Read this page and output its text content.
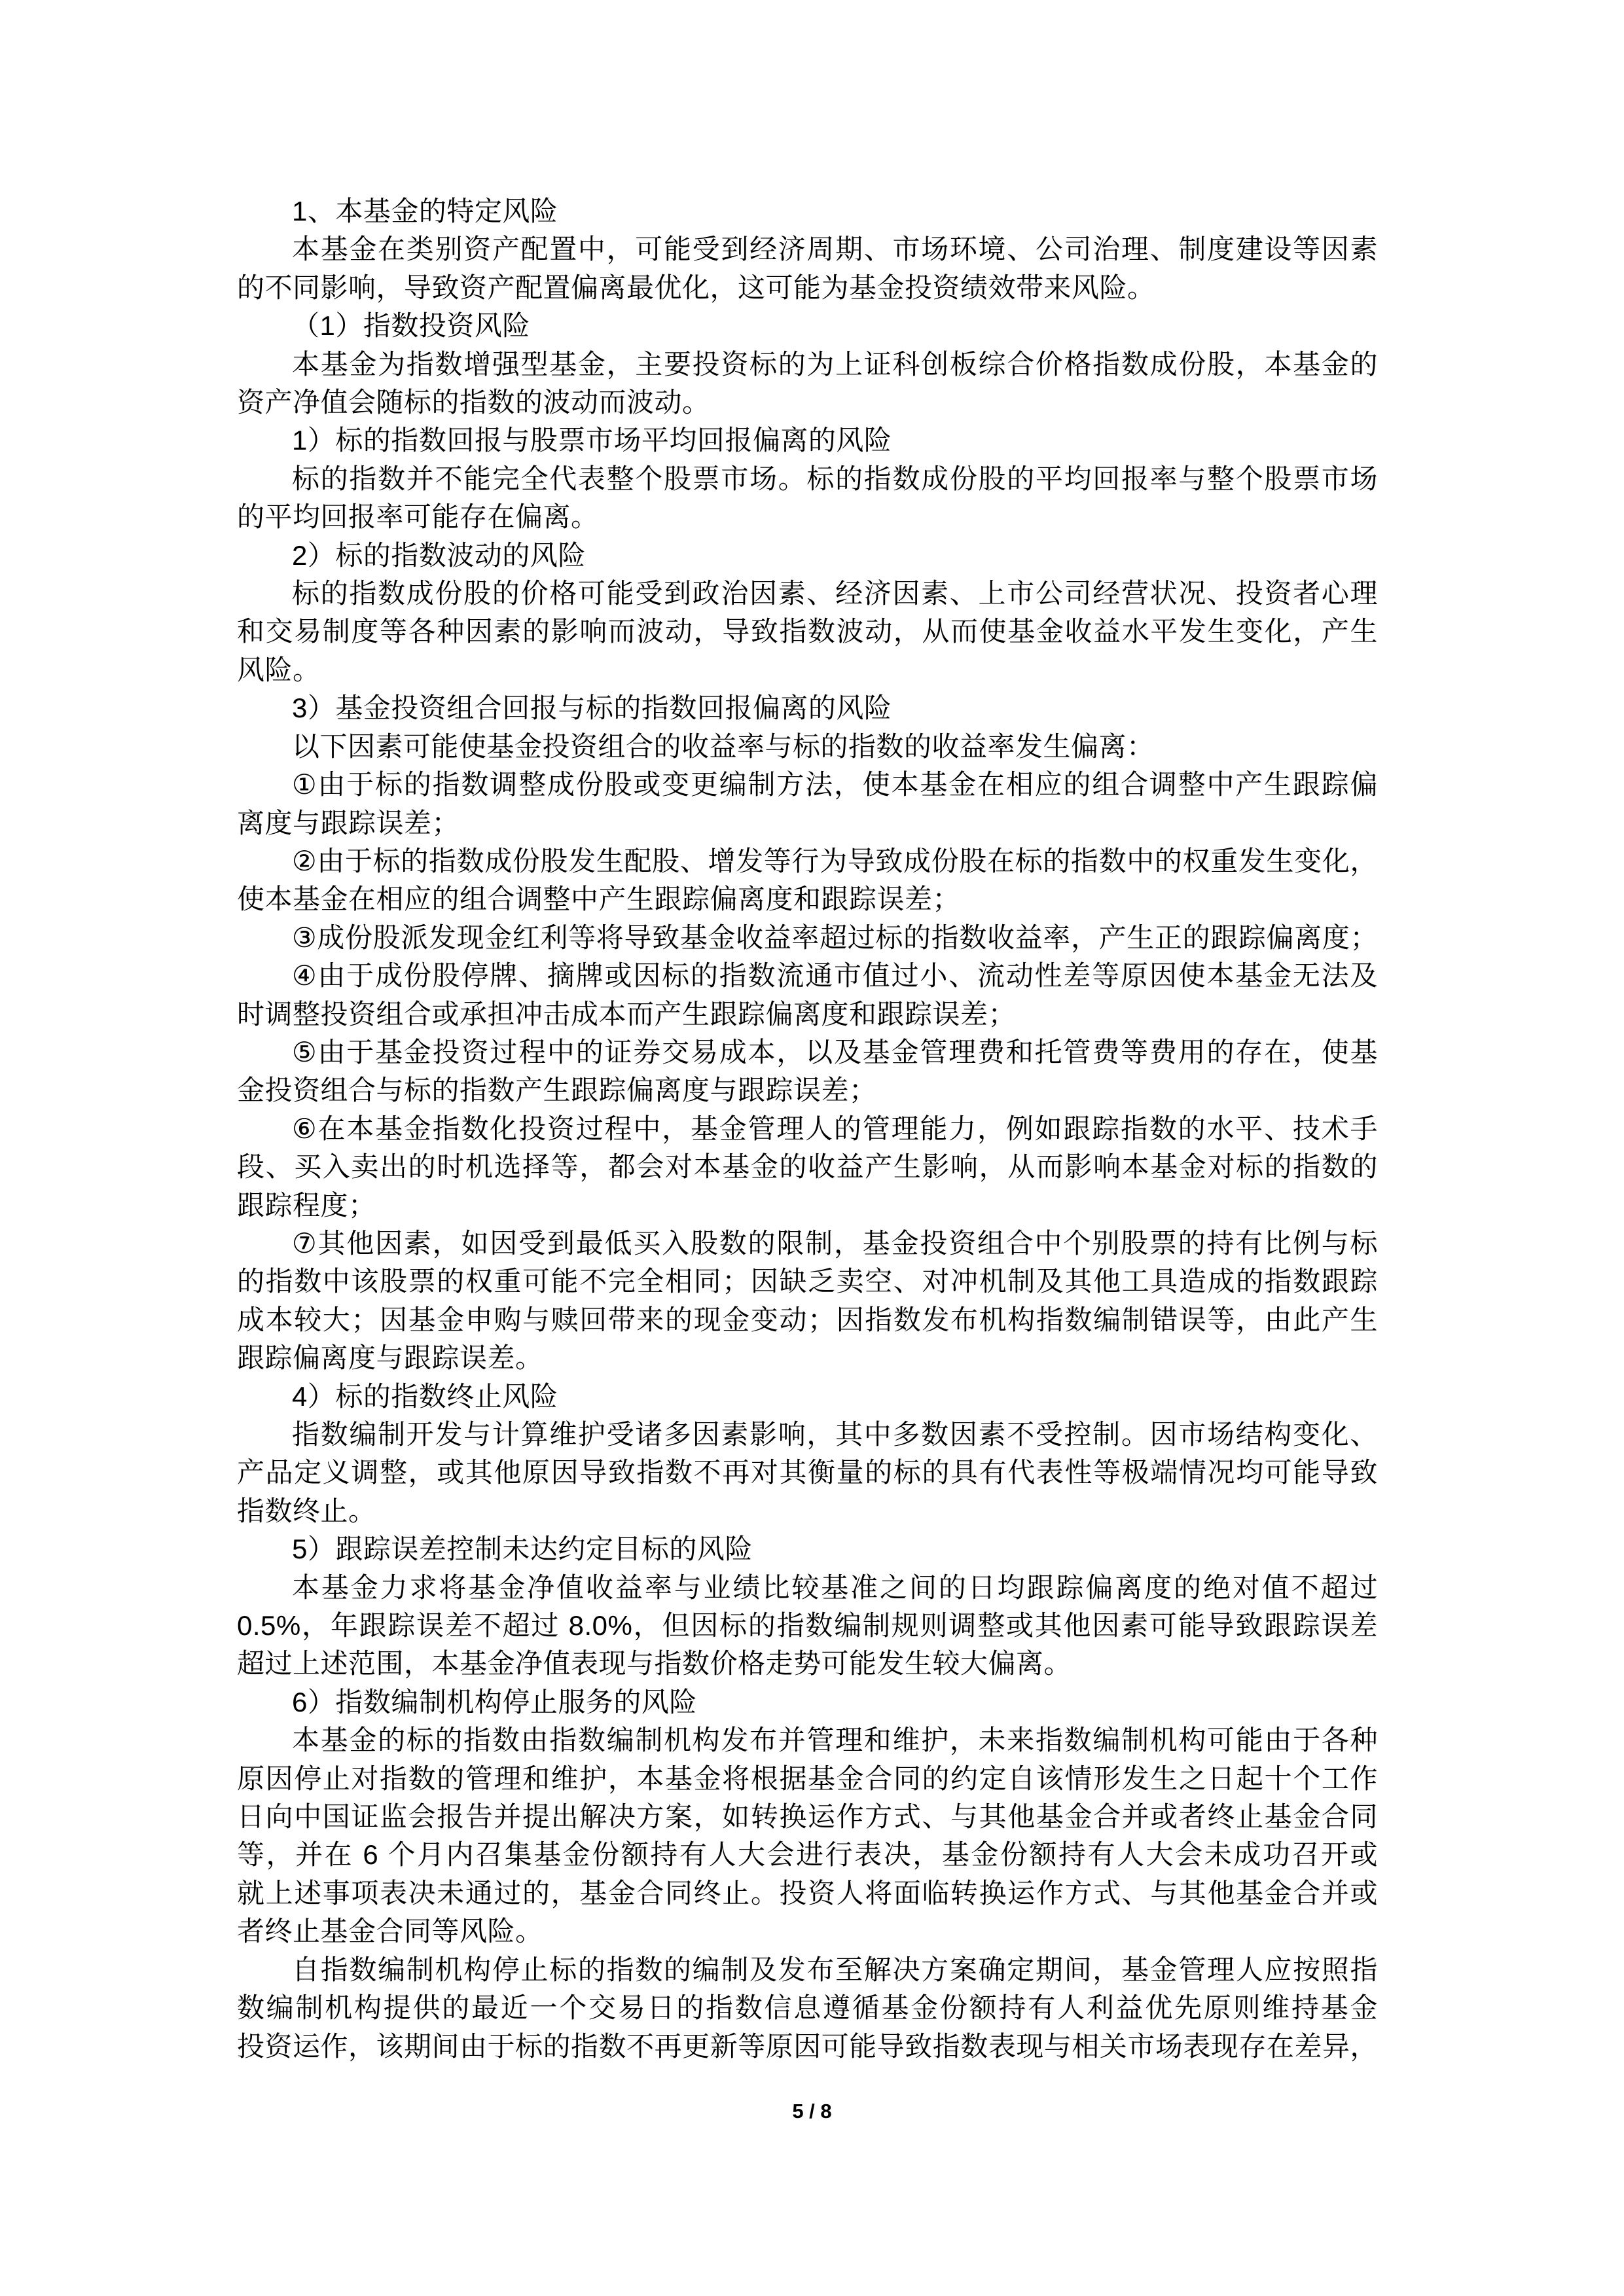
1、本基金的特定风险
本基金在类别资产配置中，可能受到经济周期、市场环境、公司治理、制度建设等因素
的不同影响，导致资产配置偏离最优化，这可能为基金投资绩效带来风险。
（1）指数投资风险
本基金为指数增强型基金，主要投资标的为上证科创板综合价格指数成份股，本基金的
资产净值会随标的指数的波动而波动。
1）标的指数回报与股票市场平均回报偏离的风险
标的指数并不能完全代表整个股票市场。标的指数成份股的平均回报率与整个股票市场
的平均回报率可能存在偏离。
2）标的指数波动的风险
标的指数成份股的价格可能受到政治因素、经济因素、上市公司经营状况、投资者心理
和交易制度等各种因素的影响而波动，导致指数波动，从而使基金收益水平发生变化，产生
风险。
3）基金投资组合回报与标的指数回报偏离的风险
以下因素可能使基金投资组合的收益率与标的指数的收益率发生偏离：
①由于标的指数调整成份股或变更编制方法，使本基金在相应的组合调整中产生跟踪偏
离度与跟踪误差；
②由于标的指数成份股发生配股、增发等行为导致成份股在标的指数中的权重发生变化，
使本基金在相应的组合调整中产生跟踪偏离度和跟踪误差；
③成份股派发现金红利等将导致基金收益率超过标的指数收益率，产生正的跟踪偏离度；
④由于成份股停牌、摘牌或因标的指数流通市值过小、流动性差等原因使本基金无法及
时调整投资组合或承担冲击成本而产生跟踪偏离度和跟踪误差；
⑤由于基金投资过程中的证券交易成本，以及基金管理费和托管费等费用的存在，使基
金投资组合与标的指数产生跟踪偏离度与跟踪误差；
⑥在本基金指数化投资过程中，基金管理人的管理能力，例如跟踪指数的水平、技术手
段、买入卖出的时机选择等，都会对本基金的收益产生影响，从而影响本基金对标的指数的
跟踪程度；
⑦其他因素，如因受到最低买入股数的限制，基金投资组合中个别股票的持有比例与标
的指数中该股票的权重可能不完全相同；因缺乏卖空、对冲机制及其他工具造成的指数跟踪
成本较大；因基金申购与赎回带来的现金变动；因指数发布机构指数编制错误等，由此产生
跟踪偏离度与跟踪误差。
4）标的指数终止风险
指数编制开发与计算维护受诸多因素影响，其中多数因素不受控制。因市场结构变化、
产品定义调整，或其他原因导致指数不再对其衡量的标的具有代表性等极端情况均可能导致
指数终止。
5）跟踪误差控制未达约定目标的风险
本基金力求将基金净值收益率与业绩比较基准之间的日均跟踪偏离度的绝对值不超过
0.5%，年跟踪误差不超过 8.0%，但因标的指数编制规则调整或其他因素可能导致跟踪误差
超过上述范围，本基金净值表现与指数价格走势可能发生较大偏离。
6）指数编制机构停止服务的风险
本基金的标的指数由指数编制机构发布并管理和维护，未来指数编制机构可能由于各种
原因停止对指数的管理和维护，本基金将根据基金合同的约定自该情形发生之日起十个工作
日向中国证监会报告并提出解决方案，如转换运作方式、与其他基金合并或者终止基金合同
等，并在 6 个月内召集基金份额持有人大会进行表决，基金份额持有人大会未成功召开或
就上述事项表决未通过的，基金合同终止。投资人将面临转换运作方式、与其他基金合并或
者终止基金合同等风险。
自指数编制机构停止标的指数的编制及发布至解决方案确定期间，基金管理人应按照指
数编制机构提供的最近一个交易日的指数信息遵循基金份额持有人利益优先原则维持基金
投资运作，该期间由于标的指数不再更新等原因可能导致指数表现与相关市场表现存在差异，
5 / 8
